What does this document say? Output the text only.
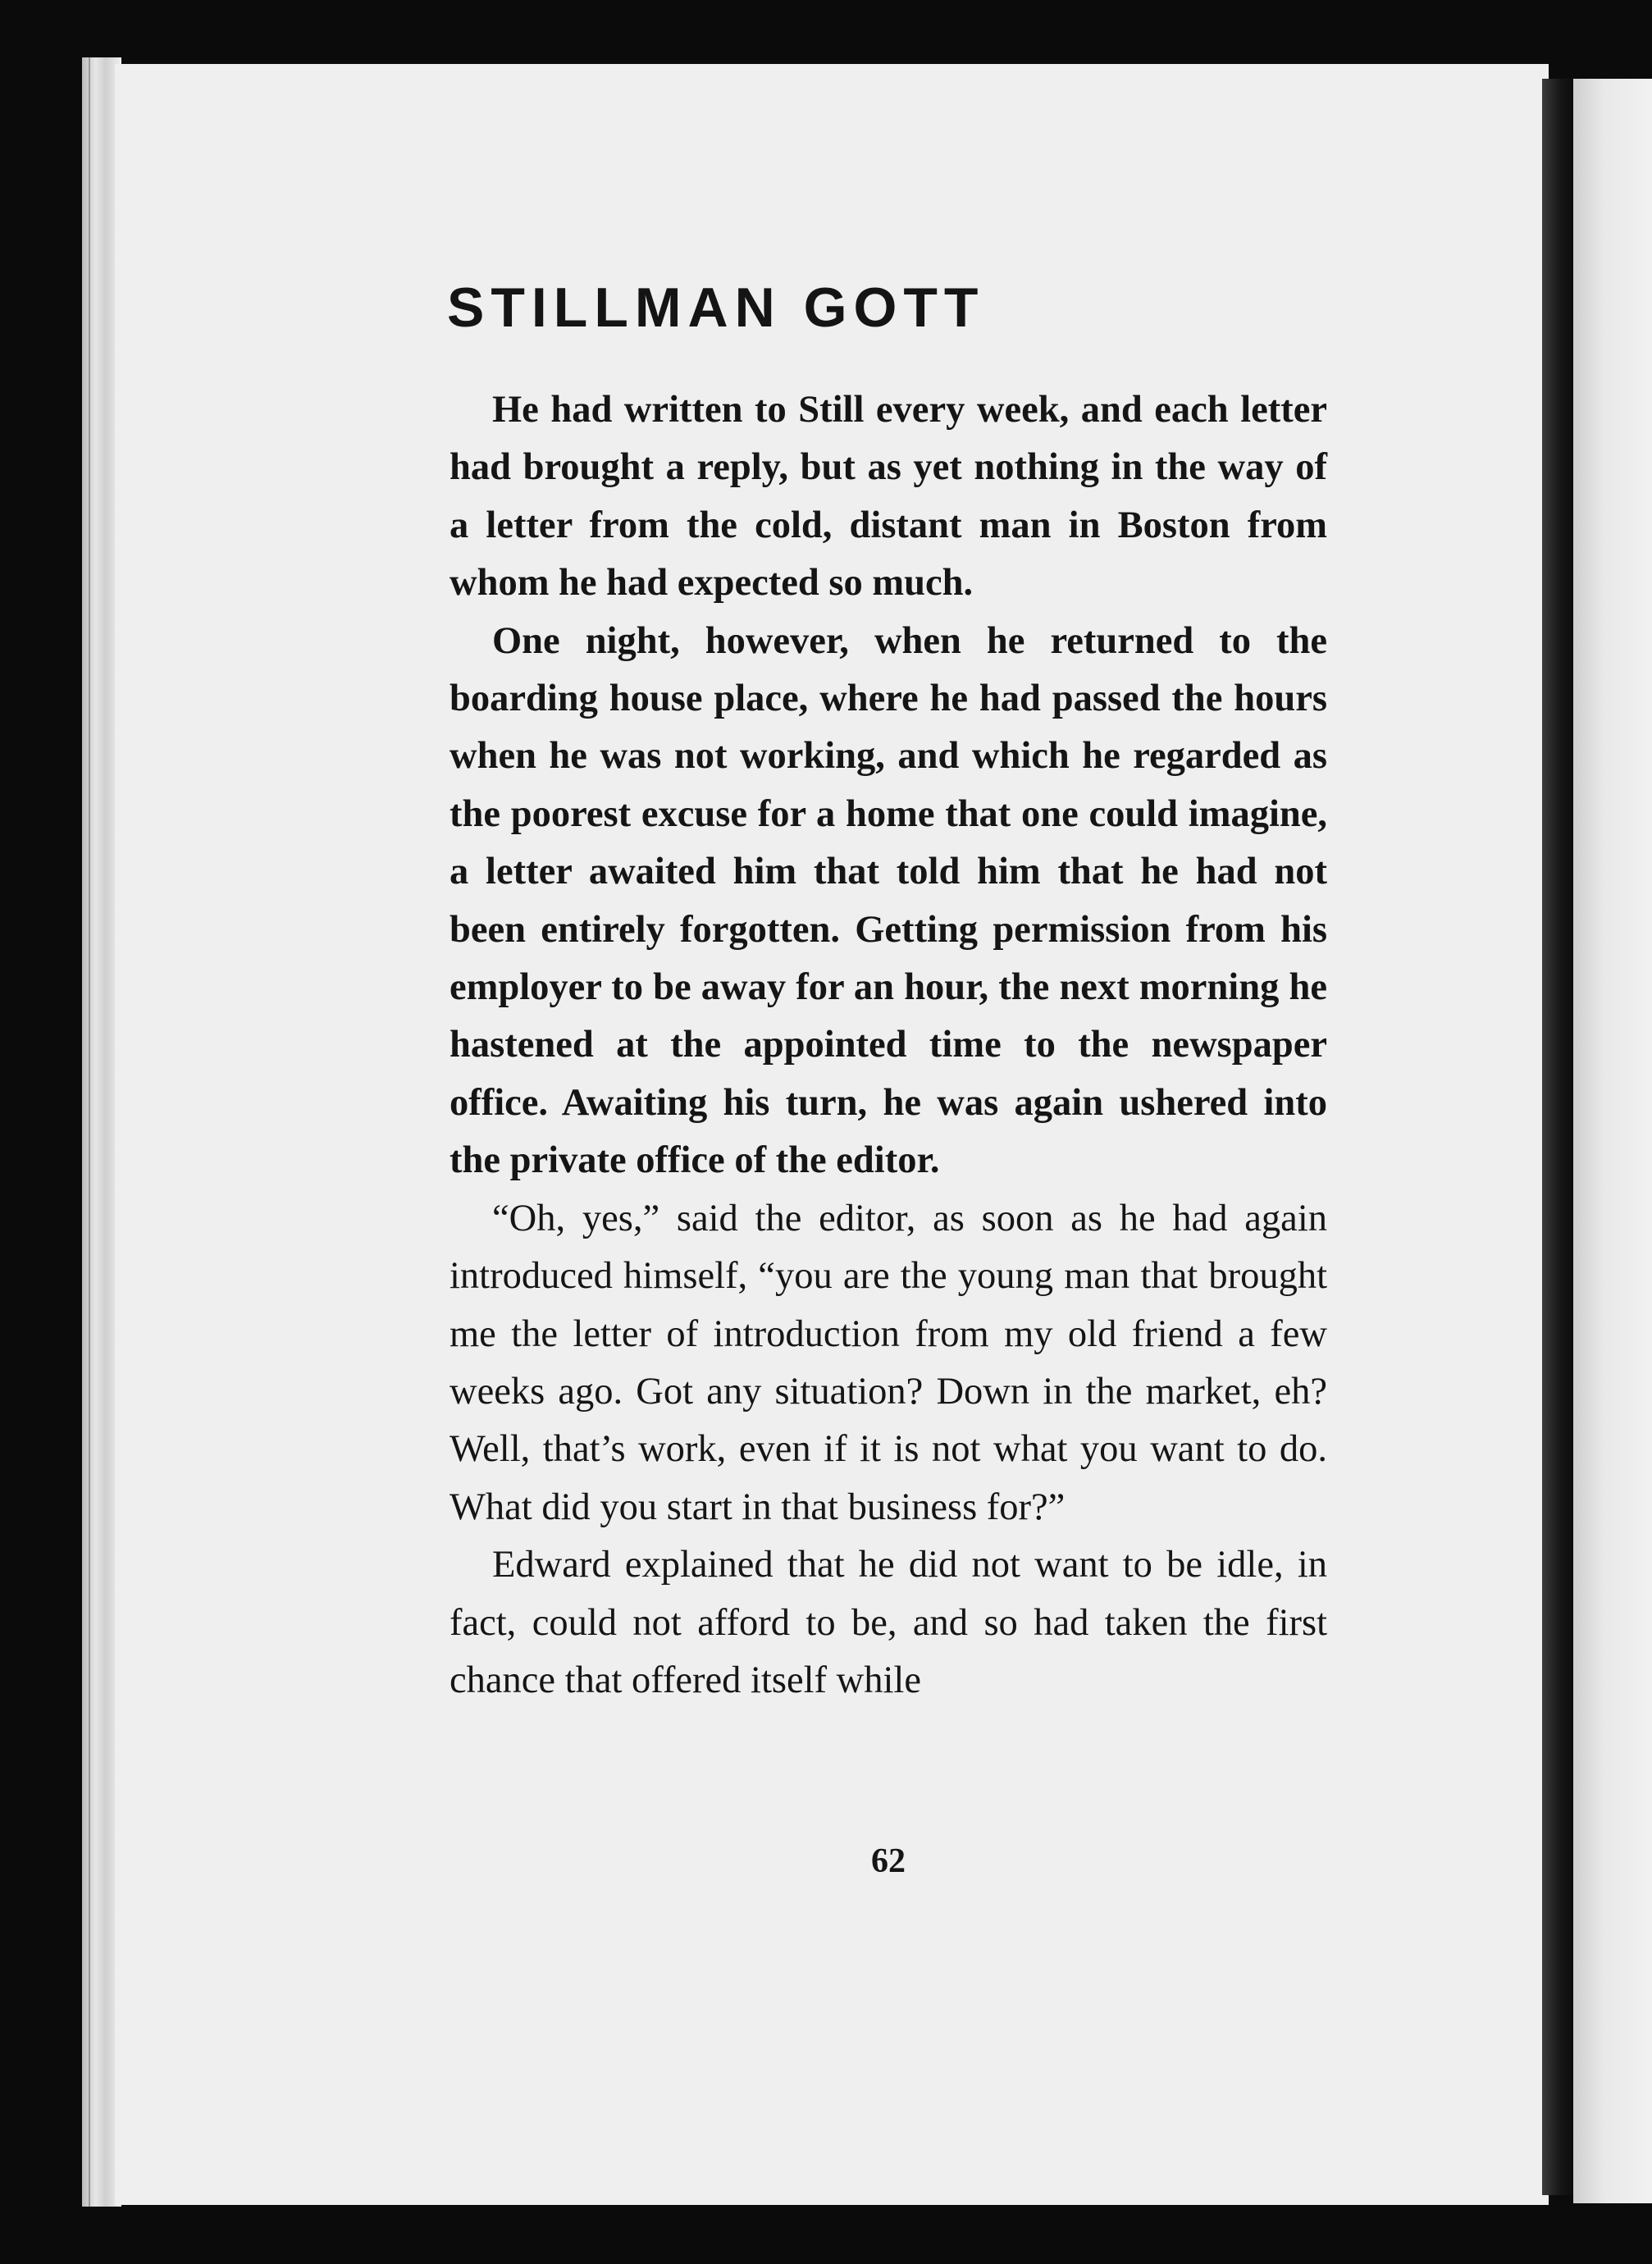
STILLMAN GOTT

He had written to Still every week, and each letter had brought a reply, but as yet nothing in the way of a letter from the cold, distant man in Boston from whom he had expected so much.

One night, however, when he returned to the boarding house place, where he had passed the hours when he was not working, and which he regarded as the poorest excuse for a home that one could imagine, a letter awaited him that told him that he had not been entirely forgotten. Getting permission from his employer to be away for an hour, the next morning he hastened at the appointed time to the newspaper office. Awaiting his turn, he was again ushered into the private office of the editor.

“Oh, yes,” said the editor, as soon as he had again introduced himself, “you are the young man that brought me the letter of introduction from my old friend a few weeks ago. Got any situation? Down in the market, eh? Well, that’s work, even if it is not what you want to do. What did you start in that business for?”

Edward explained that he did not want to be idle, in fact, could not afford to be, and so had taken the first chance that offered itself while

62
